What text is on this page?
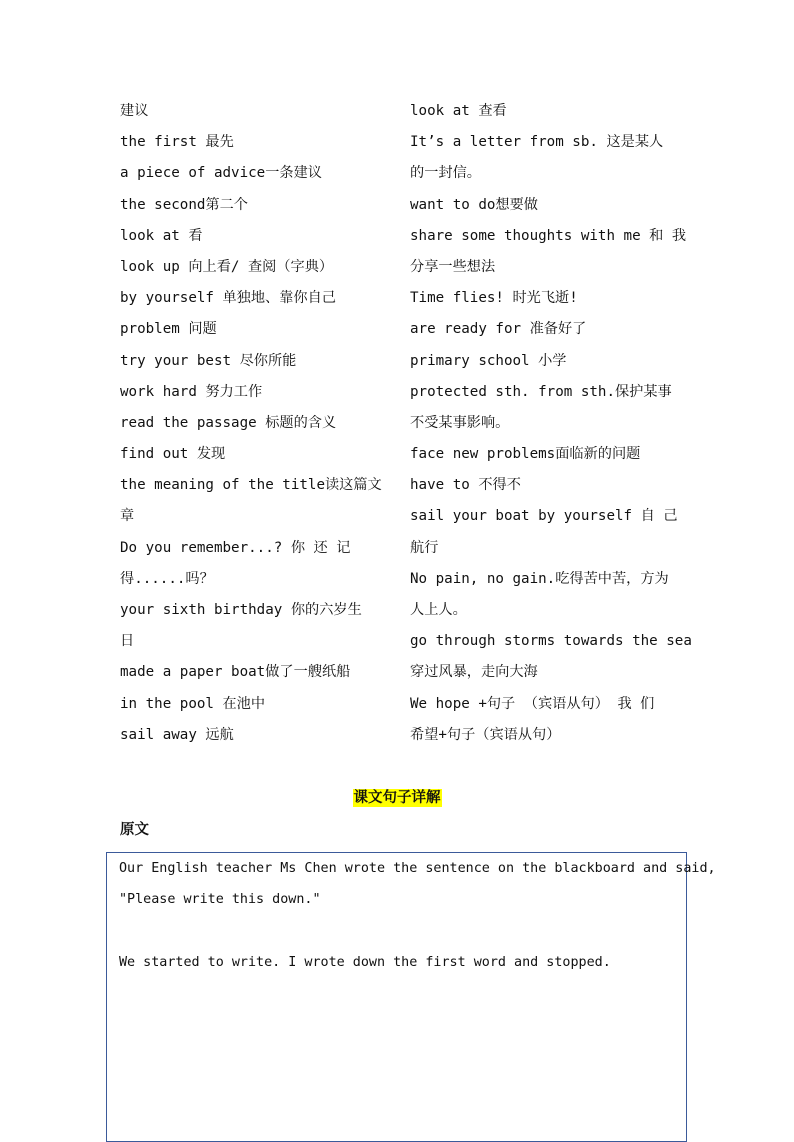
建议
the first 最先
a piece of advice一条建议
the second第二个
look at 看
look up 向上看/ 查阅（字典）
by yourself 单独地、靠你自己
problem 问题
try your best 尽你所能
work hard 努力工作
read the passage 标题的含义
find out 发现
the meaning of the title读这篇文
章
Do you remember...? 你 还 记
得......吗？
your sixth birthday 你的六岁生
日
made a paper boat做了一艘纸船
in the pool 在池中
sail away 远航
look at 查看
It’s a letter from sb. 这是某人
的一封信。
want to do想要做
share some thoughts with me 和 我
分享一些想法
Time flies! 时光飞逝!
are ready for 准备好了
primary school 小学
protected sth. from sth.保护某事
不受某事影响。
face new problems面临新的问题
have to 不得不
sail your boat by yourself 自 己
航行
No pain, no gain.吃得苦中苦，方为
人上人。
go through storms towards the sea
穿过风暴，走向大海
We hope +句子 （宾语从句） 我 们
希望+句子（宾语从句）
课文句子详解
原文
Our English teacher Ms Chen wrote the sentence on the blackboard and said,
"Please write this down."
We started to write. I wrote down the first word and stopped.
